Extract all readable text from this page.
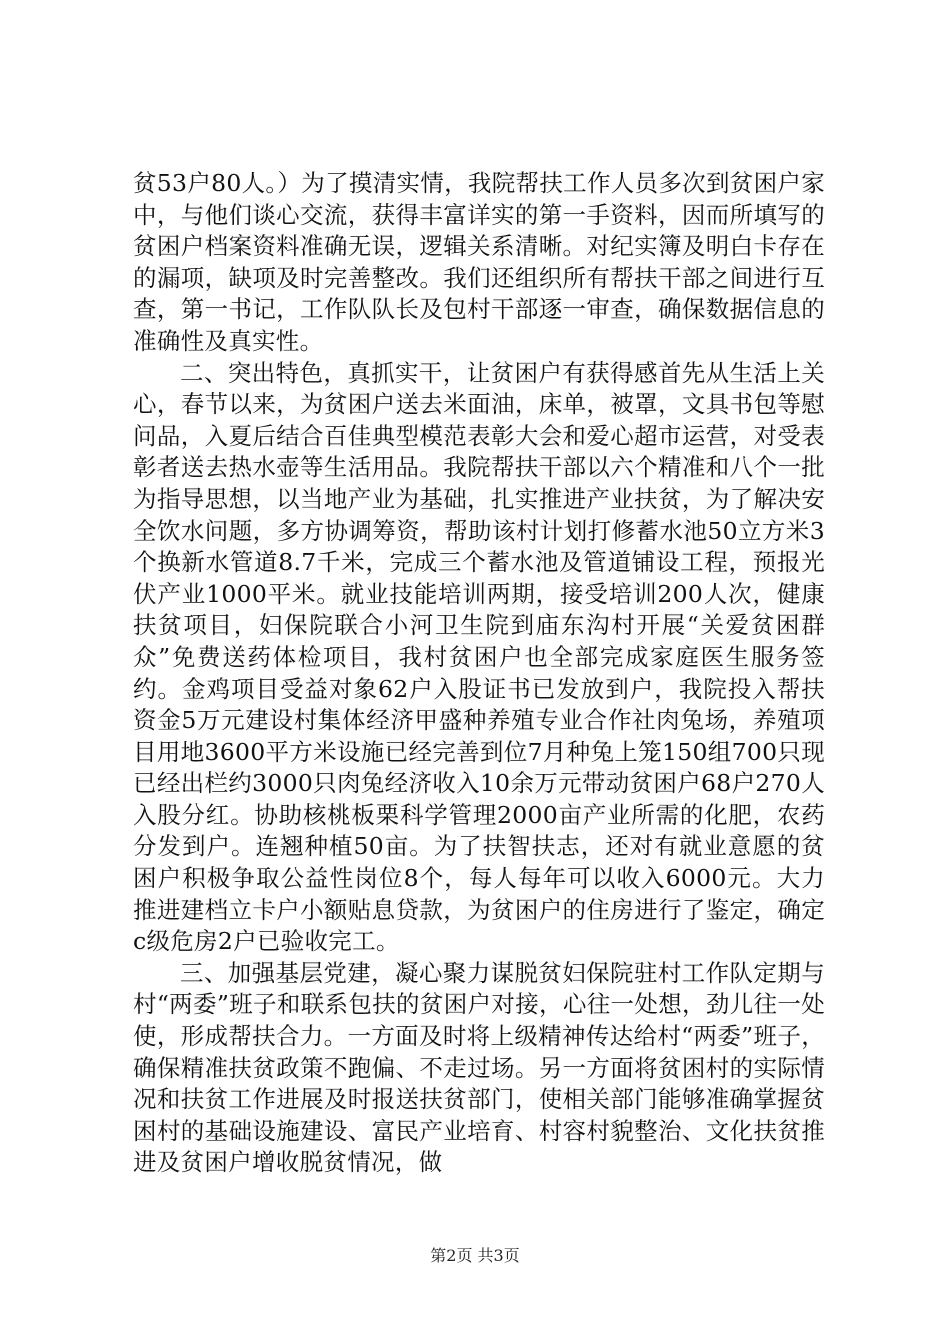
贫53户80人。）为了摸清实情，我院帮扶工作人员多次到贫困户家中，与他们谈心交流，获得丰富详实的第一手资料，因而所填写的贫困户档案资料准确无误，逻辑关系清晰。对纪实簿及明白卡存在的漏项，缺项及时完善整改。我们还组织所有帮扶干部之间进行互查，第一书记，工作队队长及包村干部逐一审查，确保数据信息的准确性及真实性。

二、突出特色，真抓实干，让贫困户有获得感首先从生活上关心，春节以来，为贫困户送去米面油，床单，被罩，文具书包等慰问品，入夏后结合百佳典型模范表彰大会和爱心超市运营，对受表彰者送去热水壶等生活用品。我院帮扶干部以六个精准和八个一批为指导思想，以当地产业为基础，扎实推进产业扶贫，为了解决安全饮水问题，多方协调筹资，帮助该村计划打修蓄水池50立方米3个换新水管道8.7千米，完成三个蓄水池及管道铺设工程，预报光伏产业1000平米。就业技能培训两期，接受培训200人次，健康扶贫项目，妇保院联合小河卫生院到庙东沟村开展“关爱贫困群众”免费送药体检项目，我村贫困户也全部完成家庭医生服务签约。金鸡项目受益对象62户入股证书已发放到户，我院投入帮扶资金5万元建设村集体经济甲盛种养殖专业合作社肉兔场，养殖项目用地3600平方米设施已经完善到位7月种兔上笼150组700只现已经出栏约3000只肉兔经济收入10余万元带动贫困户68户270人入股分红。协助核桃板栗科学管理2000亩产业所需的化肥，农药分发到户。连翘种植50亩。为了扶智扶志，还对有就业意愿的贫困户积极争取公益性岗位8个，每人每年可以收入6000元。大力推进建档立卡户小额贴息贷款，为贫困户的住房进行了鉴定，确定c级危房2户已验收完工。

三、加强基层党建，凝心聚力谋脱贫妇保院驻村工作队定期与村“两委”班子和联系包扶的贫困户对接，心往一处想，劲儿往一处使，形成帮扶合力。一方面及时将上级精神传达给村“两委”班子，确保精准扶贫政策不跑偏、不走过场。另一方面将贫困村的实际情况和扶贫工作进展及时报送扶贫部门，使相关部门能够准确掌握贫困村的基础设施建设、富民产业培育、村容村貌整治、文化扶贫推进及贫困户增收脱贫情况，做

第2页 共3页
